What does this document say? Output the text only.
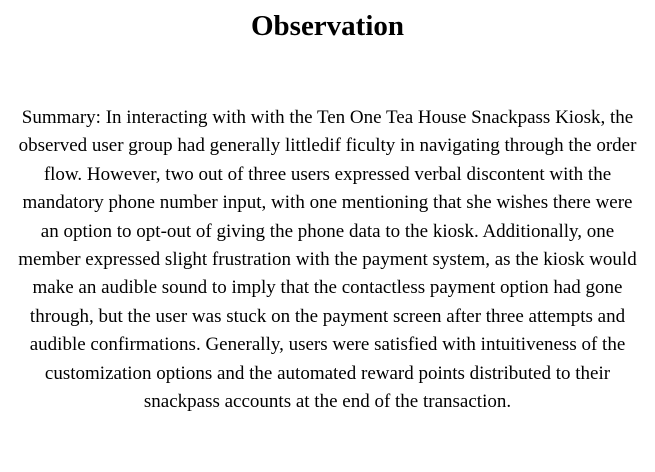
Observation

Summary: In interacting with with the Ten One Tea House Snackpass Kiosk, the observed user group had generally littledif ficulty in navigating through the order flow. However, two out of three users expressed verbal discontent with the mandatory phone number input, with one mentioning that she wishes there were an option to opt-out of giving the phone data to the kiosk. Additionally, one member expressed slight frustration with the payment system, as the kiosk would make an audible sound to imply that the contactless payment option had gone through, but the user was stuck on the payment screen after three attempts and audible confirmations. Generally, users were satisfied with intuitiveness of the customization options and the automated reward points distributed to their snackpass accounts at the end of the transaction.
